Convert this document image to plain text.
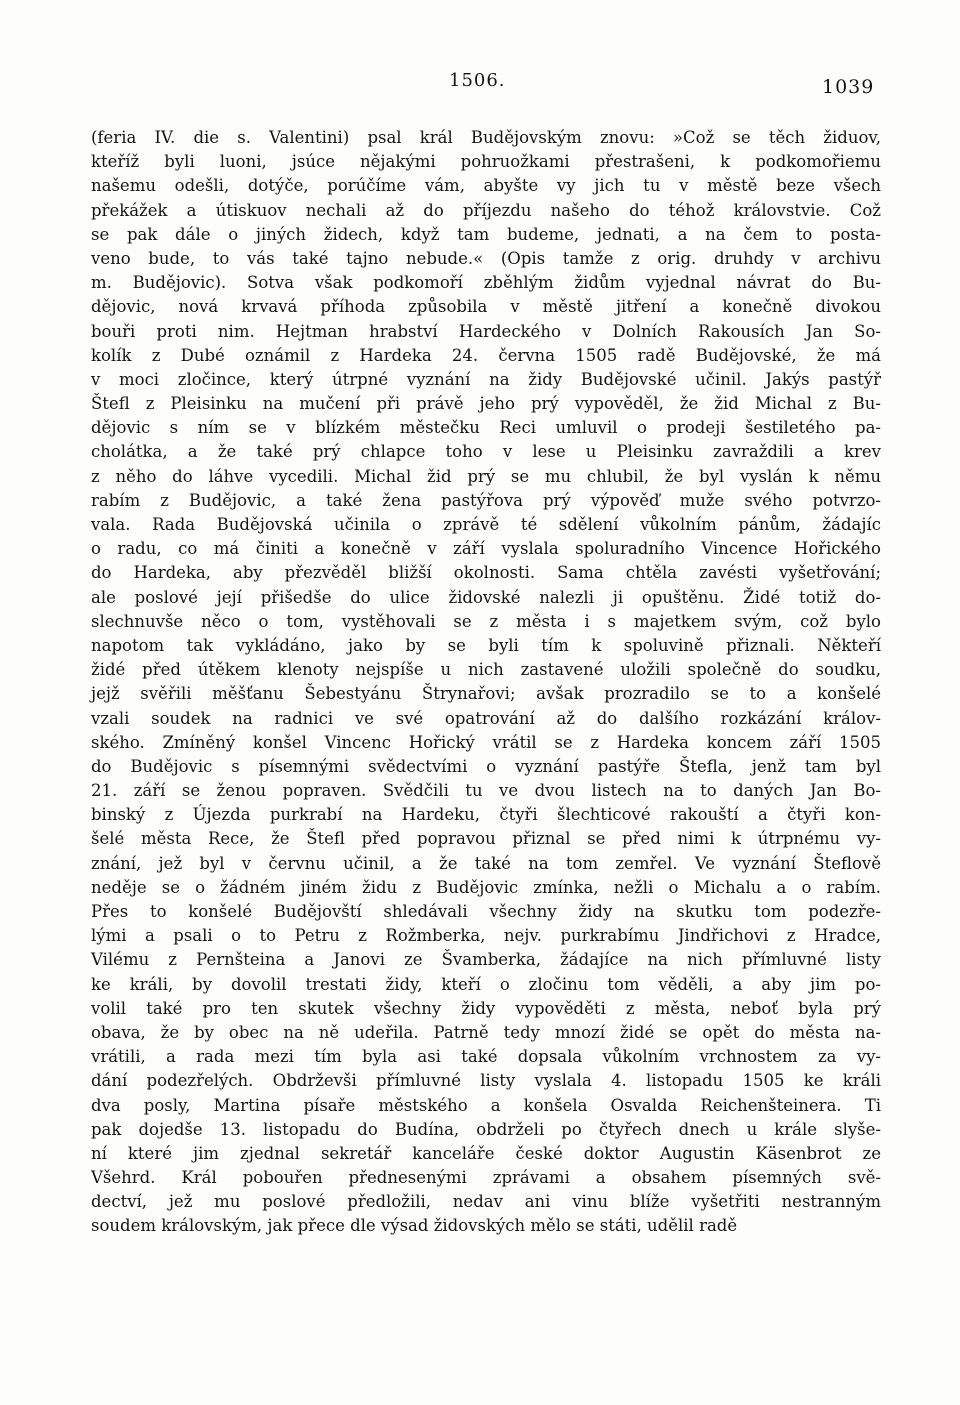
1506.	1039
(feria IV. die s. Valentini) psal král Budějovským znovu: »Což se těch židuov,
kteříž byli luoni, jsúce nějakými pohruožkami přestrašeni, k podkomořiemu
našemu odešli, dotýče, porúčíme vám, abyšte vy jich tu v městě beze všech
překážek a útiskuov nechali až do příjezdu našeho do téhož královstvie. Což
se pak dále o jiných židech, když tam budeme, jednati, a na čem to posta-
veno bude, to vás také tajno nebude.« (Opis tamže z orig. druhdy v archivu
m. Budějovic). Sotva však podkomoří zběhlým židům vyjednal návrat do Bu-
dějovic, nová krvavá příhoda způsobila v městě jitření a konečně divokou
bouři proti nim. Hejtman hrabství Hardeckého v Dolních Rakousích Jan So-
kolík z Dubé oznámil z Hardeka 24. června 1505 radě Budějovské, že má
v moci zločince, který útrpné vyznání na židy Budějovské učinil. Jakýs pastýř
Štefl z Pleisinku na mučení při právě jeho prý vypověděl, že žid Michal z Bu-
dějovic s ním se v blízkém městečku Reci umluvil o prodeji šestiletého pa-
cholátka, a že také prý chlapce toho v lese u Pleisinku zavraždili a krev
z něho do láhve vycedili. Michal žid prý se mu chlubil, že byl vyslán k němu
rabím z Budějovic, a také žena pastýřova prý výpověď muže svého potvrzo-
vala. Rada Budějovská učinila o zprávě té sdělení vůkolním pánům, žádajíc
o radu, co má činiti a konečně v září vyslala spoluradního Vincence Hořického
do Hardeka, aby přezvěděl bližší okolnosti. Sama chtěla zavésti vyšetřování;
ale poslové její přišedše do ulice židovské nalezli ji opuštěnu. Židé totiž do-
slechnuvše něco o tom, vystěhovali se z města i s majetkem svým, což bylo
napotom tak vykládáno, jako by se byli tím k spoluvině přiznali. Někteří
židé před útěkem klenoty nejspíše u nich zastavené uložili společně do soudku,
jejž svěřili měšťanu Šebestyánu Štrynařovi; avšak prozradilo se to a konšelé
vzali soudek na radnici ve své opatrování až do dalšího rozkázání králov-
ského. Zmíněný konšel Vincenc Hořický vrátil se z Hardeka koncem září 1505
do Budějovic s písemnými svědectvími o vyznání pastýře Štefla, jenž tam byl
21. září se ženou popraven. Svědčili tu ve dvou listech na to daných Jan Bo-
binský z Újezda purkrabí na Hardeku, čtyři šlechticové rakouští a čtyři kon-
šelé města Rece, že Štefl před popravou přiznal se před nimi k útrpnému vy-
znání, jež byl v červnu učinil, a že také na tom zemřel. Ve vyznání Šteflově
neděje se o žádném jiném židu z Budějovic zmínka, nežli o Michalu a o rabím.
Přes to konšelé Budějovští shledávali všechny židy na skutku tom podezře-
lými a psali o to Petru z Rožmberka, nejv. purkrabímu Jindřichovi z Hradce,
Vilému z Pernšteina a Janovi ze Švamberka, žádajíce na nich přímluvné listy
ke králi, by dovolil trestati židy, kteří o zločinu tom věděli, a aby jim po-
volil také pro ten skutek všechny židy vypověděti z města, neboť byla prý
obava, že by obec na ně udeřila. Patrně tedy mnozí židé se opět do města na-
vrátili, a rada mezi tím byla asi také dopsala vůkolním vrchnostem za vy-
dání podezřelých. Obdrževši přímluvné listy vyslala 4. listopadu 1505 ke králi
dva posly, Martina písaře městského a konšela Osvalda Reichenšteinera. Ti
pak dojedše 13. listopadu do Budína, obdrželi po čtyřech dnech u krále slyše-
ní které jim zjednal sekretář kanceláře české doktor Augustin Käsenbrot ze
Všehrd. Král pobouřen přednesenými zprávami a obsahem písemných svě-
dectví, jež mu poslové předložili, nedav ani vinu blíže vyšetřiti nestranným
soudem královským, jak přece dle výsad židovských mělo se státi, udělil radě
